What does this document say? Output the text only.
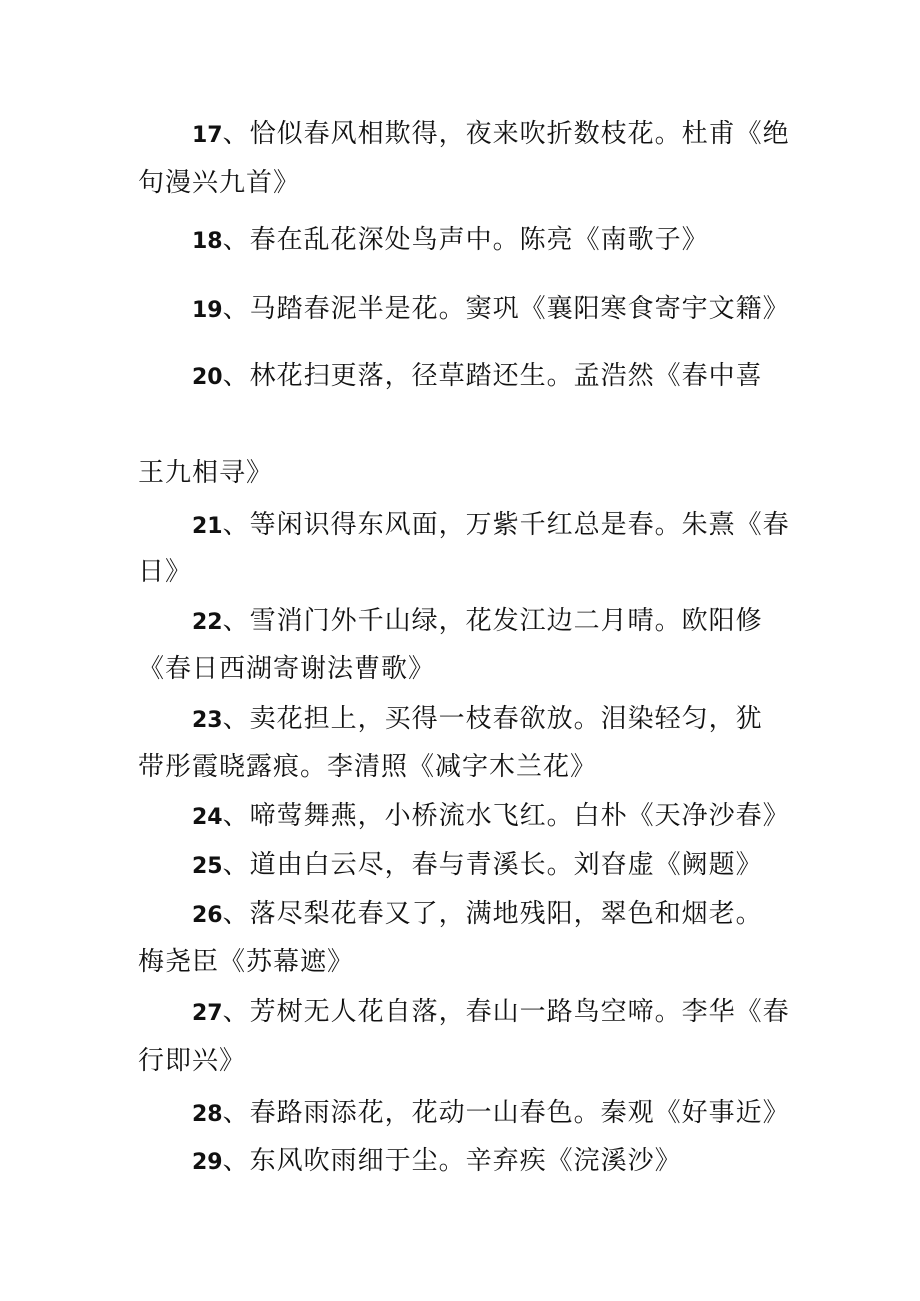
17、恰似春风相欺得，夜来吹折数枝花。杜甫《绝
句漫兴九首》
18、春在乱花深处鸟声中。陈亮《南歌子》
19、马踏春泥半是花。窦巩《襄阳寒食寄宇文籍》
20、林花扫更落，径草踏还生。孟浩然《春中喜
王九相寻》
21、等闲识得东风面，万紫千红总是春。朱熹《春
日》
22、雪消门外千山绿，花发江边二月晴。欧阳修
《春日西湖寄谢法曹歌》
23、卖花担上，买得一枝春欲放。泪染轻匀，犹
带彤霞晓露痕。李清照《减字木兰花》
24、啼莺舞燕，小桥流水飞红。白朴《天净沙春》
25、道由白云尽，春与青溪长。刘昚虚《阙题》
26、落尽梨花春又了，满地残阳，翠色和烟老。
梅尧臣《苏幕遮》
27、芳树无人花自落，春山一路鸟空啼。李华《春
行即兴》
28、春路雨添花，花动一山春色。秦观《好事近》
29、东风吹雨细于尘。辛弃疾《浣溪沙》
